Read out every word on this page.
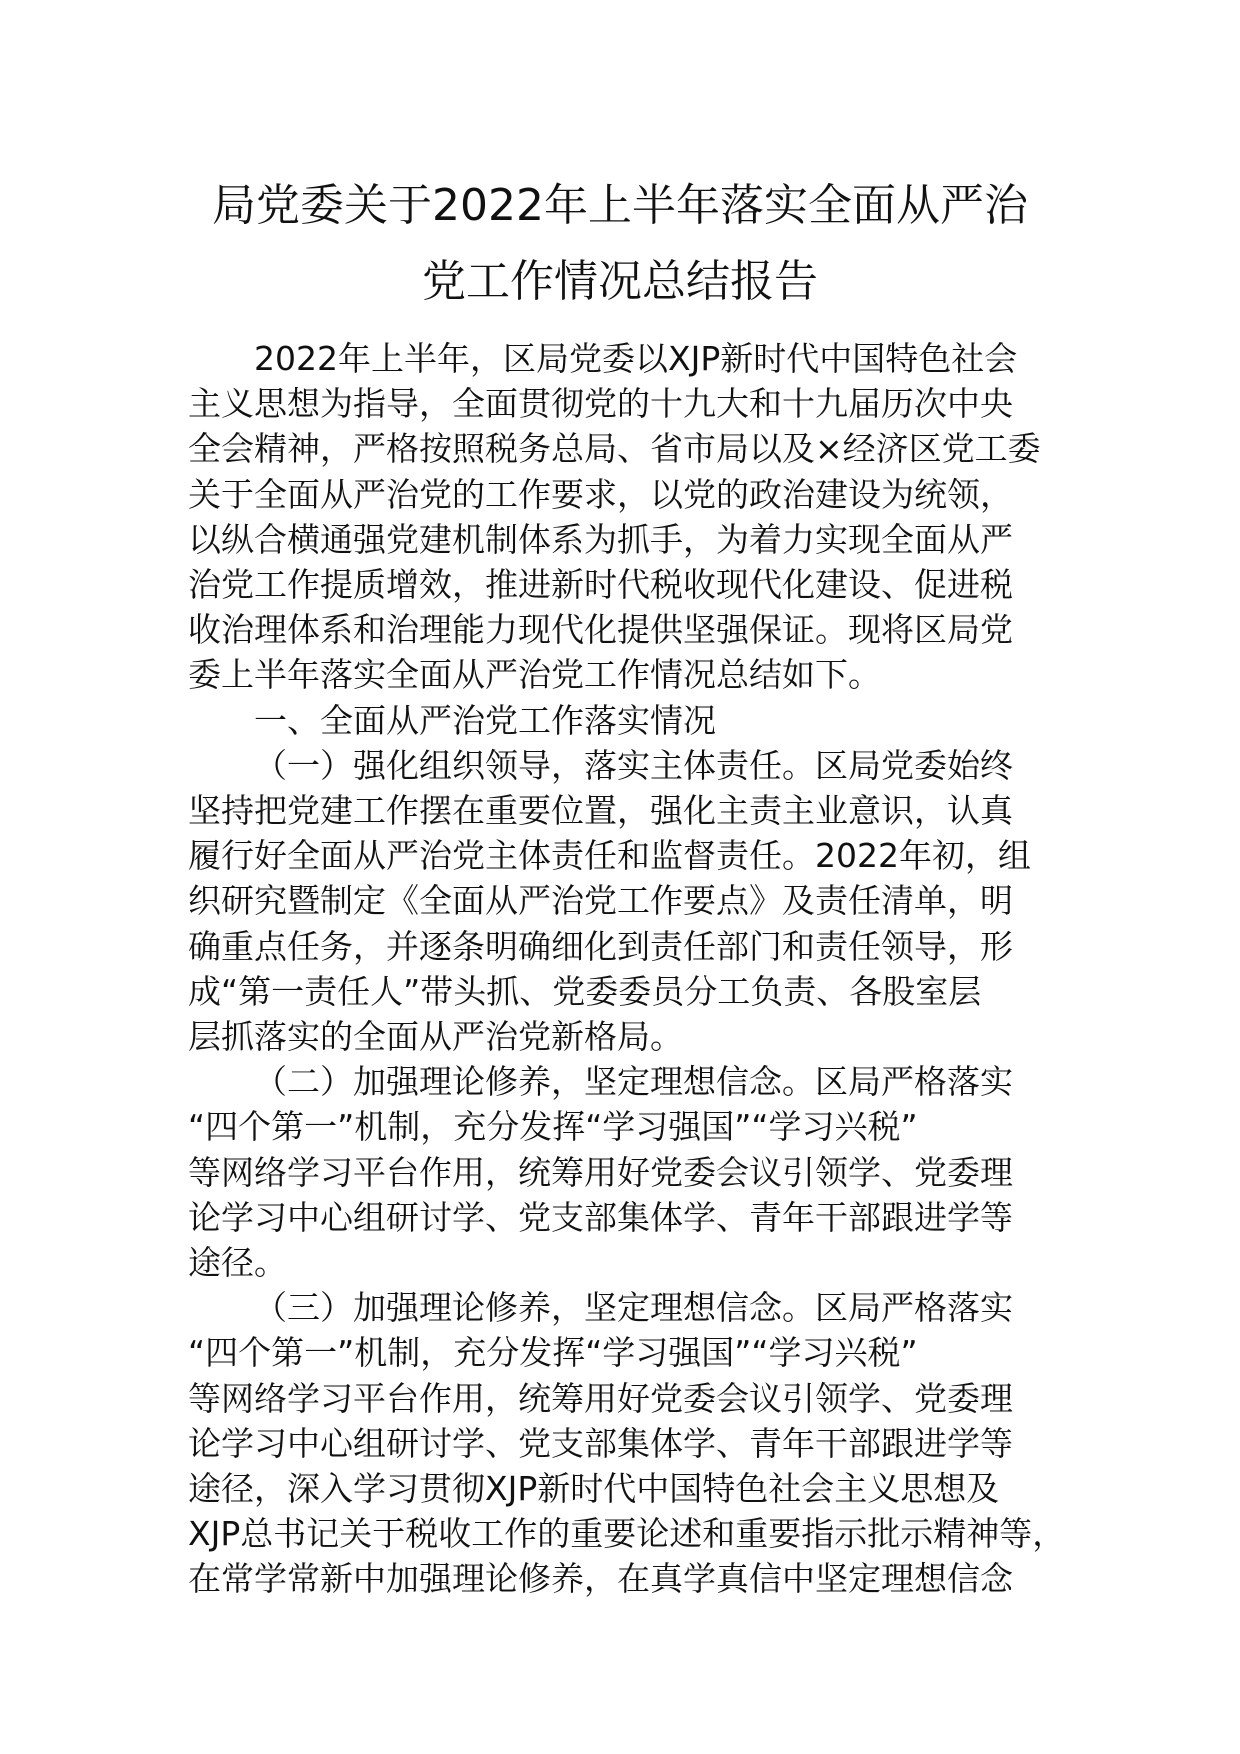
局党委关于2022年上半年落实全面从严治
党工作情况总结报告
2022年上半年，区局党委以XJP新时代中国特色社会
主义思想为指导，全面贯彻党的十九大和十九届历次中央
全会精神，严格按照税务总局、省市局以及×经济区党工委
关于全面从严治党的工作要求，以党的政治建设为统领，
以纵合横通强党建机制体系为抓手，为着力实现全面从严
治党工作提质增效，推进新时代税收现代化建设、促进税
收治理体系和治理能力现代化提供坚强保证。现将区局党
委上半年落实全面从严治党工作情况总结如下。
一、全面从严治党工作落实情况
（一）强化组织领导，落实主体责任。区局党委始终
坚持把党建工作摆在重要位置，强化主责主业意识，认真
履行好全面从严治党主体责任和监督责任。2022年初，组
织研究暨制定《全面从严治党工作要点》及责任清单，明
确重点任务，并逐条明确细化到责任部门和责任领导，形
成“第一责任人”带头抓、党委委员分工负责、各股室层
层抓落实的全面从严治党新格局。
（二）加强理论修养，坚定理想信念。区局严格落实
“四个第一”机制，充分发挥“学习强国”“学习兴税”
等网络学习平台作用，统筹用好党委会议引领学、党委理
论学习中心组研讨学、党支部集体学、青年干部跟进学等
途径。
（三）加强理论修养，坚定理想信念。区局严格落实
“四个第一”机制，充分发挥“学习强国”“学习兴税”
等网络学习平台作用，统筹用好党委会议引领学、党委理
论学习中心组研讨学、党支部集体学、青年干部跟进学等
途径，深入学习贯彻XJP新时代中国特色社会主义思想及
XJP总书记关于税收工作的重要论述和重要指示批示精神等，
在常学常新中加强理论修养，在真学真信中坚定理想信念
